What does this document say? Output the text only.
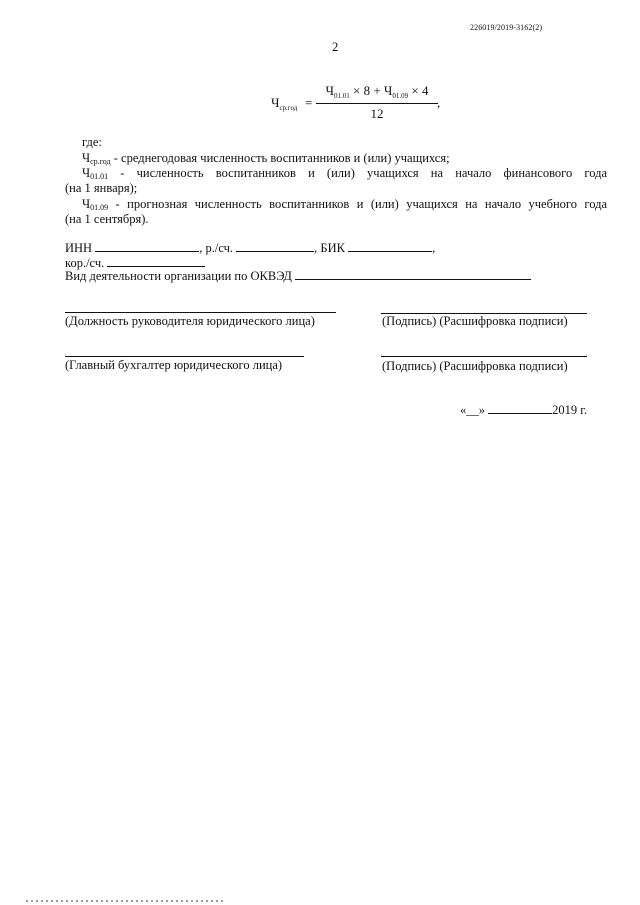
226019/2019-3162(2)
2
$Ч_{ср.год}$ =
$Ч_{01.01} \times 8 + Ч_{01.09} \times 4$
12
,
где:
Чср.год - среднегодовая численность воспитанников и (или) учащихся;
Ч01.01 - численность воспитанников и (или) учащихся на начало финансового года
(на 1 января);
Ч01.09 - прогнозная численность воспитанников и (или) учащихся на начало учебного года
(на 1 сентября).
ИНН	, р./сч.	, БИК	,
кор./сч.
Вид деятельности организации по ОКВЭД
(Должность руководителя юридического лица)	(Подпись) (Расшифровка подписи)
(Главный бухгалтер юридического лица)	(Подпись) (Расшифровка подписи)
«__»	2019 г.
